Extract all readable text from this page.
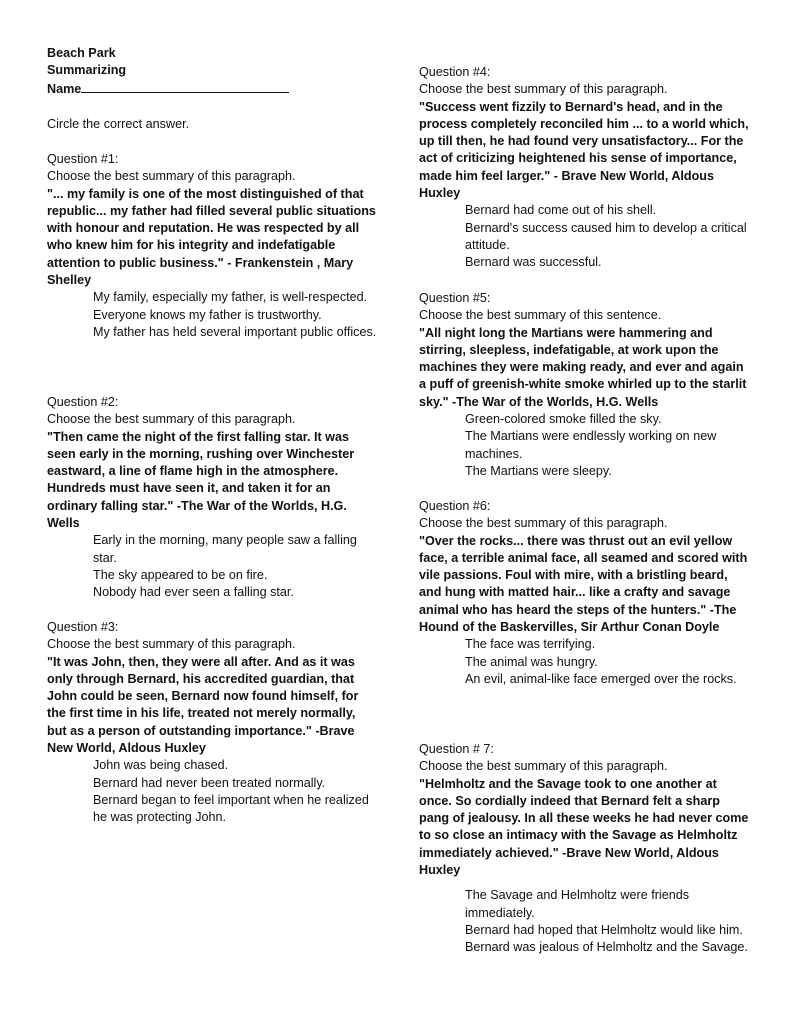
Beach Park
Summarizing
Name
Circle the correct answer.

Question #1:

Choose the best summary of this paragraph.

"... my family is one of the most distinguished of that republic... my father had filled several public situations with honour and reputation. He was respected by all who knew him for his integrity and indefatigable attention to public business." - Frankenstein , Mary Shelley

My family, especially my father, is well-respected.
Everyone knows my father is trustworthy.
My father has held several important public offices.

Question #2:

Choose the best summary of this paragraph.

"Then came the night of the first falling star. It was seen early in the morning, rushing over Winchester eastward, a line of flame high in the atmosphere. Hundreds must have seen it, and taken it for an ordinary falling star." -The War of the Worlds, H.G. Wells

Early in the morning, many people saw a falling star.
The sky appeared to be on fire.
Nobody had ever seen a falling star.

Question #3:

Choose the best summary of this paragraph.

"It was John, then, they were all after. And as it was only through Bernard, his accredited guardian, that John could be seen, Bernard now found himself, for the first time in his life, treated not merely normally, but as a person of outstanding importance." -Brave New World, Aldous Huxley

John was being chased.
Bernard had never been treated normally.
Bernard began to feel important when he realized he was protecting John.

Question #4:

Choose the best summary of this paragraph.

"Success went fizzily to Bernard's head, and in the process completely reconciled him ... to a world which, up till then, he had found very unsatisfactory... For the act of criticizing heightened his sense of importance, made him feel larger." - Brave New World, Aldous Huxley

Bernard had come out of his shell.
Bernard's success caused him to develop a critical attitude.
Bernard was successful.

Question #5:

Choose the best summary of this sentence.

"All night long the Martians were hammering and stirring, sleepless, indefatigable, at work upon the machines they were making ready, and ever and again a puff of greenish-white smoke whirled up to the starlit sky." -The War of the Worlds, H.G. Wells

Green-colored smoke filled the sky.
The Martians were endlessly working on new machines.
The Martians were sleepy.

Question #6:

Choose the best summary of this paragraph.

"Over the rocks... there was thrust out an evil yellow face, a terrible animal face, all seamed and scored with vile passions. Foul with mire, with a bristling beard, and hung with matted hair... like a crafty and savage animal who has heard the steps of the hunters." -The Hound of the Baskervilles, Sir Arthur Conan Doyle

The face was terrifying.
The animal was hungry.
An evil, animal-like face emerged over the rocks.

Question # 7:

Choose the best summary of this paragraph.

"Helmholtz and the Savage took to one another at once. So cordially indeed that Bernard felt a sharp pang of jealousy. In all these weeks he had never come to so close an intimacy with the Savage as Helmholtz immediately achieved." -Brave New World, Aldous Huxley

The Savage and Helmholtz were friends immediately.
Bernard had hoped that Helmholtz would like him.
Bernard was jealous of Helmholtz and the Savage.
